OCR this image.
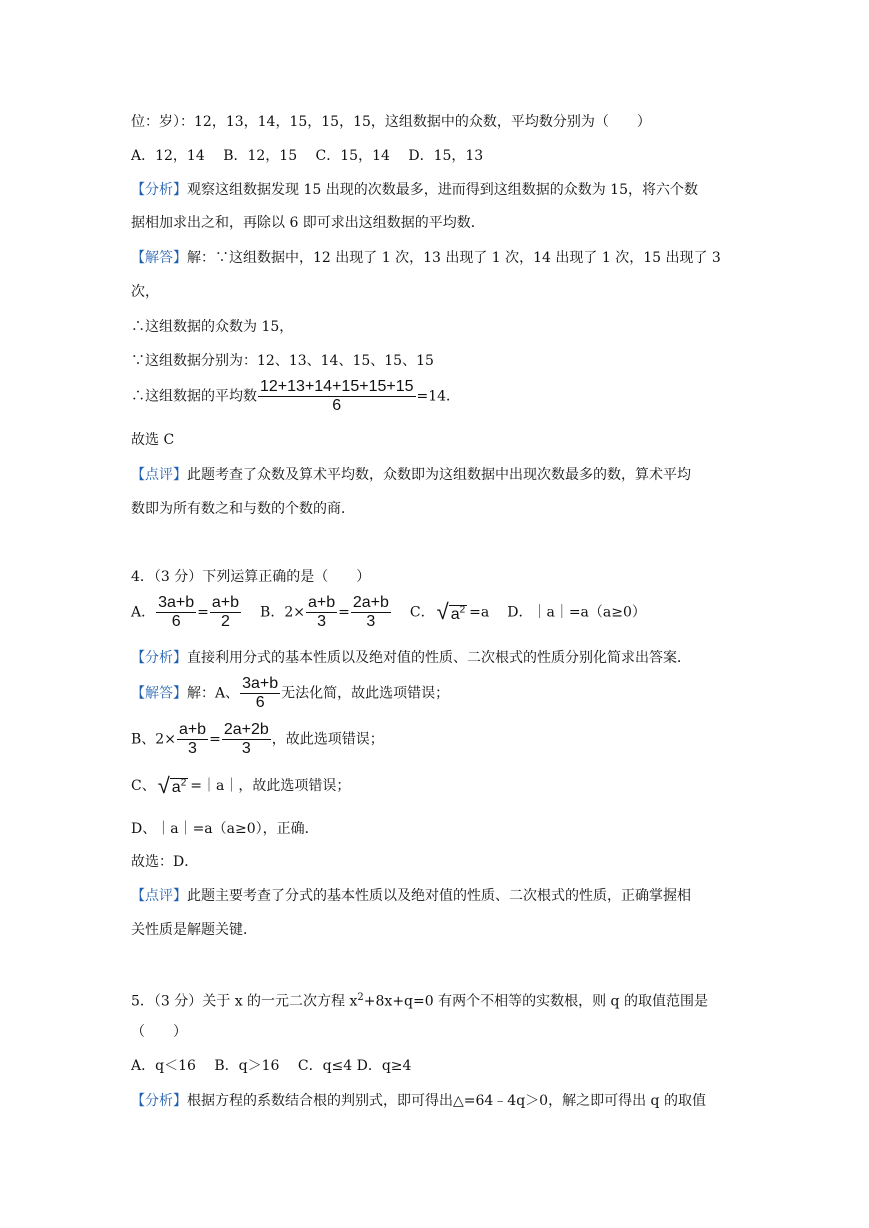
位：岁）：12，13，14，15，15，15，这组数据中的众数，平均数分别为（　　）
A．12，14　 B．12，15　 C．15，14　 D．15，13
【分析】观察这组数据发现 15 出现的次数最多，进而得到这组数据的众数为 15，将六个数
据相加求出之和，再除以 6 即可求出这组数据的平均数．
【解答】解：∵这组数据中，12 出现了 1 次，13 出现了 1 次，14 出现了 1 次，15 出现了 3
次，
∴这组数据的众数为 15，
∵这组数据分别为：12、13、14、15、15、15
∴这组数据的平均数 $\frac{12+13+14+15+15+15}{6} =14$．
故选 C
【点评】此题考查了众数及算术平均数，众数即为这组数据中出现次数最多的数，算术平均
数即为所有数之和与数的个数的商．
4．（3 分）下列运算正确的是（　　）
A． $\frac{3a+b}{6} = \frac{a+b}{2}$ B．$2\times \frac{a+b}{3} = \frac{2a+b}{3}$ C．√ $a^2 =a$ D．｜a｜=a（a≥0）
【分析】直接利用分式的基本性质以及绝对值的性质、二次根式的性质分别化简求出答案．
【解答】解：A、 $\frac{3a+b}{6}$ 无法化简，故此选项错误；
B、$2\times \frac{a+b}{3} = \frac{2a+2b}{3}$ ，故此选项错误；
C、√ $a^2$ =｜a｜，故此选项错误；
D、｜a｜=a（a≥0），正确．
故选：D．
【点评】此题主要考查了分式的基本性质以及绝对值的性质、二次根式的性质，正确掌握相
关性质是解题关键．
5．（3 分）关于 x 的一元二次方程 $x^2+8x+q=0$ 有两个不相等的实数根，则 q 的取值范围是
（　　）
A．q＜16　 B．q＞16　 C．q≤4 D．q≥4
【分析】根据方程的系数结合根的判别式，即可得出△=64﹣4q＞0，解之即可得出 q 的取值
